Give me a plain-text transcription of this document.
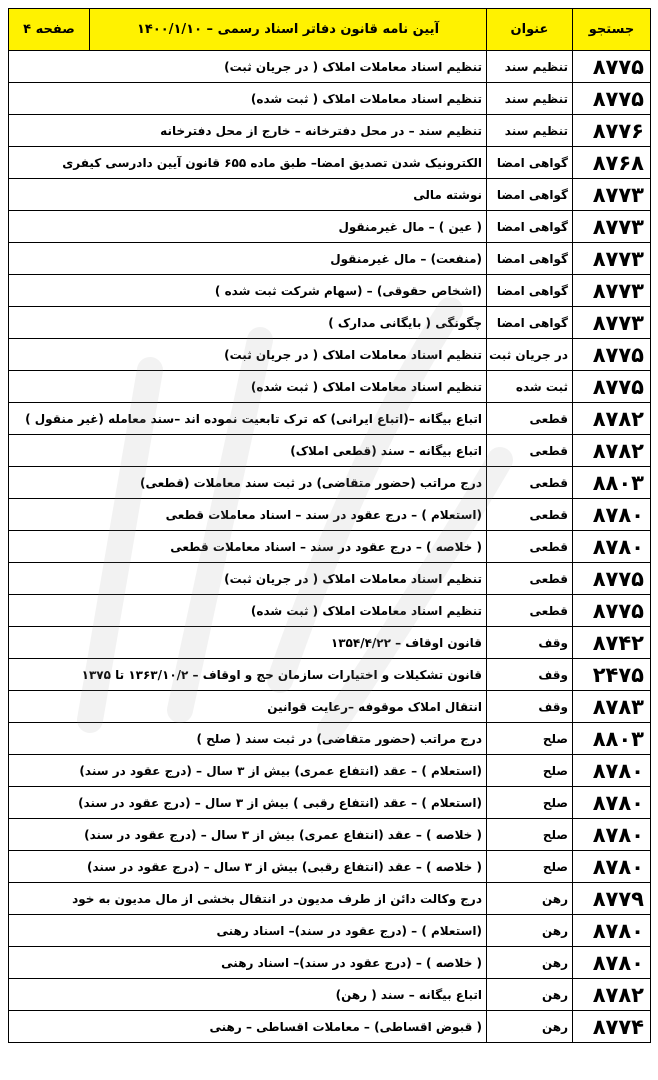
جستجو	عنوان	آیین نامه قانون دفاتر اسناد رسمی – ۱۴۰۰/۱/۱۰	صفحه ۴
۸۷۷۵	تنظیم سند	تنظیم اسناد معاملات املاک ( در جریان ثبت)	
۸۷۷۵	تنظیم سند	تنظیم اسناد معاملات املاک ( ثبت شده)	
۸۷۷۶	تنظیم سند	تنظیم سند – در محل دفترخانه – خارج از محل دفترخانه	
۸۷۶۸	گواهی امضا	الکترونیک شدن تصدیق امضا– طبق ماده ۶۵۵ قانون آیین دادرسی کیفری	
۸۷۷۳	گواهی امضا	نوشته مالی	
۸۷۷۳	گواهی امضا	( عین ) – مال غیرمنقول	
۸۷۷۳	گواهی امضا	(منفعت) – مال غیرمنقول	
۸۷۷۳	گواهی امضا	(اشخاص حقوقی) – (سهام شرکت ثبت شده )	
۸۷۷۳	گواهی امضا	چگونگی ( بایگانی مدارک )	
۸۷۷۵	در جریان ثبت	تنظیم اسناد معاملات املاک ( در جریان ثبت)	
۸۷۷۵	ثبت شده	تنظیم اسناد معاملات املاک ( ثبت شده)	
۸۷۸۲	قطعی	اتباع بیگانه –(اتباع ایرانی) که ترک تابعیت نموده اند –سند معامله (غیر منقول )	
۸۷۸۲	قطعی	اتباع بیگانه – سند (قطعی املاک)	
۸۸۰۳	قطعی	درج مراتب (حضور متقاضی) در ثبت سند معاملات (قطعی)	
۸۷۸۰	قطعی	(استعلام ) – درج عقود در سند – اسناد معاملات قطعی	
۸۷۸۰	قطعی	( خلاصه ) – درج عقود در سند – اسناد معاملات قطعی	
۸۷۷۵	قطعی	تنظیم اسناد معاملات املاک ( در جریان ثبت)	
۸۷۷۵	قطعی	تنظیم اسناد معاملات املاک ( ثبت شده)	
۸۷۴۲	وقف	قانون اوقاف – ۱۳۵۴/۴/۲۲	
۲۴۷۵	وقف	قانون تشکیلات و اختیارات سازمان حج و اوقاف – ۱۳۶۳/۱۰/۲ تا ۱۳۷۵	
۸۷۸۳	وقف	انتقال املاک موقوفه –رعایت قوانین	
۸۸۰۳	صلح	درج مراتب (حضور متقاضی) در ثبت سند ( صلح )	
۸۷۸۰	صلح	(استعلام ) – عقد (انتفاع عمری) بیش از ۳ سال – (درج عقود در سند)	
۸۷۸۰	صلح	(استعلام ) – عقد (انتفاع رقبی ) بیش از ۳ سال – (درج عقود در سند)	
۸۷۸۰	صلح	( خلاصه ) – عقد (انتفاع عمری) بیش از ۳ سال – (درج عقود در سند)	
۸۷۸۰	صلح	( خلاصه ) – عقد (انتفاع رقبی) بیش از ۳ سال – (درج عقود در سند)	
۸۷۷۹	رهن	درج وکالت دائن از طرف مدیون در انتقال بخشی از مال مدیون به خود	
۸۷۸۰	رهن	(استعلام ) – (درج عقود در سند)– اسناد رهنی	
۸۷۸۰	رهن	( خلاصه ) – (درج عقود در سند)– اسناد رهنی	
۸۷۸۲	رهن	اتباع بیگانه – سند ( رهن)	
۸۷۷۴	رهن	( قبوض اقساطی) – معاملات اقساطی – رهنی	
